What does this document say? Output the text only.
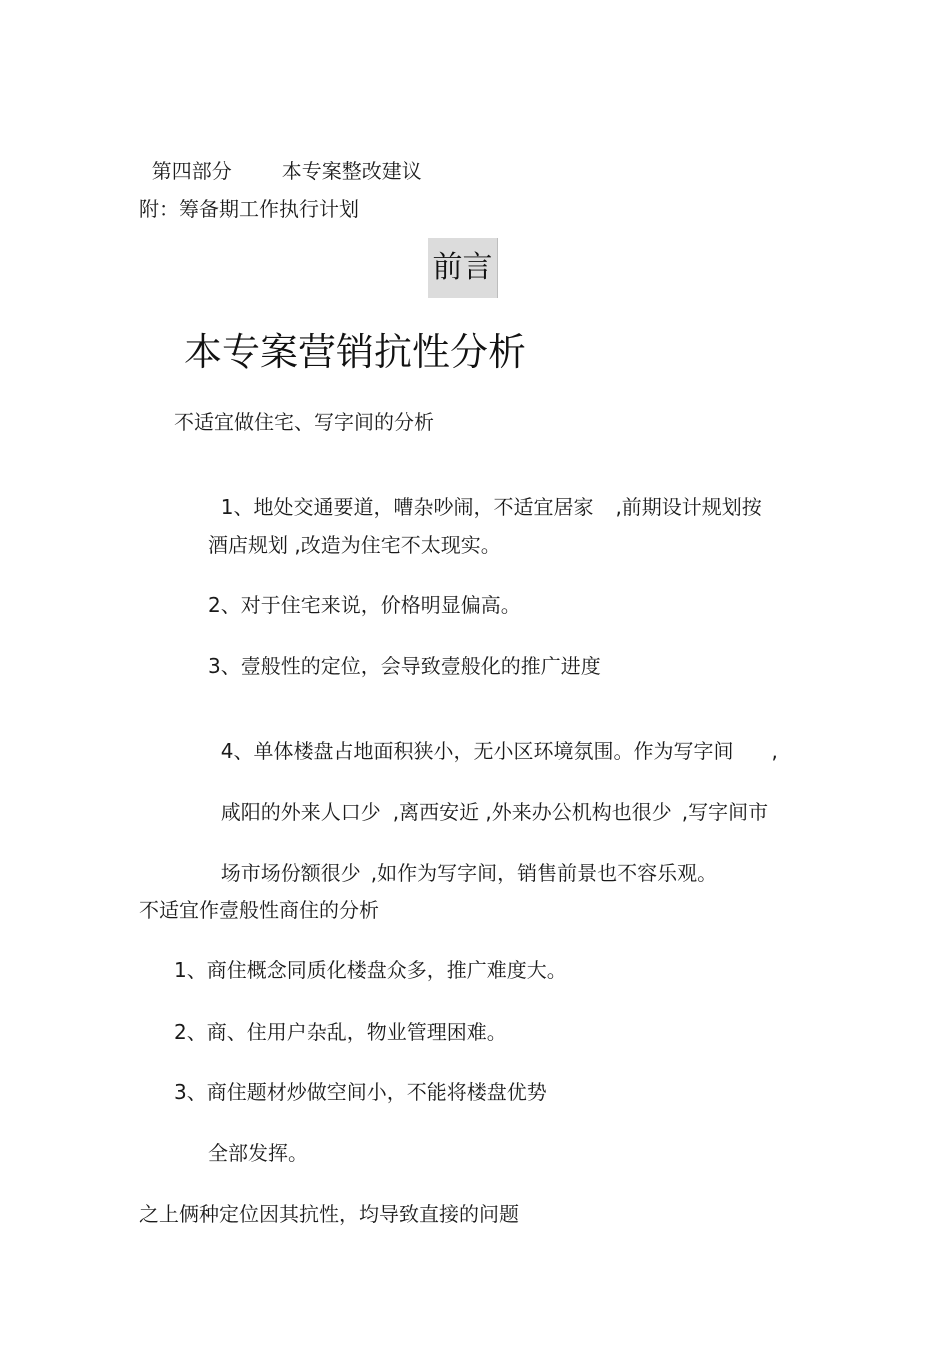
第四部分	本专案整改建议

附：筹备期工作执行计划
前言
本专案营销抗性分析
不适宜做住宅、写字间的分析

1、地处交通要道，嘈杂吵闹，不适宜居家 ,前期设计规划按

酒店规划 ,改造为住宅不太现实。
2、对于住宅来说，价格明显偏高。
3、壹般性的定位，会导致壹般化的推广进度

4、单体楼盘占地面积狭小，无小区环境氛围。作为写字间 ,

咸阳的外来人口少 ,离西安近 ,外来办公机构也很少 ,写字间市

场市场份额很少 ,如作为写字间，销售前景也不容乐观。

不适宜作壹般性商住的分析
1、商住概念同质化楼盘众多，推广难度大。
2、商、住用户杂乱，物业管理困难。
3、商住题材炒做空间小，不能将楼盘优势
全部发挥。
之上俩种定位因其抗性，均导致直接的问题
